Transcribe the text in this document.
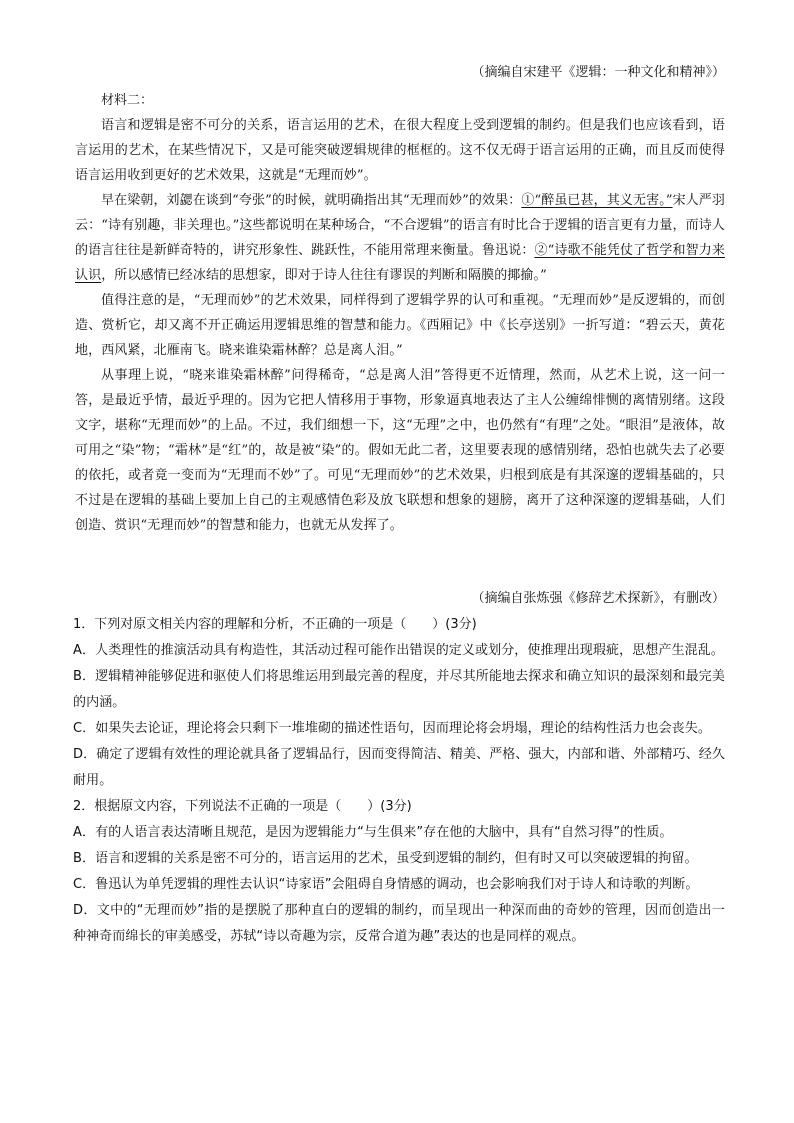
（摘编自宋建平《逻辑：一种文化和精神》）

材料二：

语言和逻辑是密不可分的关系，语言运用的艺术，在很大程度上受到逻辑的制约。但是我们也应该看到，语言运用的艺术，在某些情况下，又是可能突破逻辑规律的框框的。这不仅无碍于语言运用的正确，而且反而使得语言运用收到更好的艺术效果，这就是“无理而妙”。

早在梁朝，刘勰在谈到“夸张”的时候，就明确指出其“无理而妙”的效果：①“醉虽已甚，其义无害。”宋人严羽云：“诗有别趣，非关理也。”这些都说明在某种场合，“不合逻辑”的语言有时比合于逻辑的语言更有力量，而诗人的语言往往是新鲜奇特的，讲究形象性、跳跃性，不能用常理来衡量。鲁迅说：②“诗歌不能凭仗了哲学和智力来认识，所以感情已经冰结的思想家，即对于诗人往往有谬误的判断和隔膜的揶揄。”

值得注意的是，“无理而妙”的艺术效果，同样得到了逻辑学界的认可和重视。“无理而妙”是反逻辑的，而创造、赏析它，却又离不开正确运用逻辑思维的智慧和能力。《西厢记》中《长亭送别》一折写道：“碧云天，黄花地，西风紧，北雁南飞。晓来谁染霜林醉？总是离人泪。”

从事理上说，“晓来谁染霜林醉”问得稀奇，“总是离人泪”答得更不近情理，然而，从艺术上说，这一问一答，是最近乎情，最近乎理的。因为它把人情移用于事物，形象逼真地表达了主人公缠绵悱恻的离情别绪。这段文字，堪称“无理而妙”的上品。不过，我们细想一下，这“无理”之中，也仍然有“有理”之处。“眼泪”是液体，故可用之“染”物；“霜林”是“红”的，故是被“染”的。假如无此二者，这里要表现的感情别绪，恐怕也就失去了必要的依托，或者竟一变而为“无理而不妙”了。可见“无理而妙”的艺术效果，归根到底是有其深邃的逻辑基础的，只不过是在逻辑的基础上要加上自己的主观感情色彩及放飞联想和想象的翅膀，离开了这种深邃的逻辑基础，人们创造、赏识“无理而妙”的智慧和能力，也就无从发挥了。

（摘编自张炼强《修辞艺术探新》，有删改）

1．下列对原文相关内容的理解和分析，不正确的一项是（　　）(3分)

A．人类理性的推演活动具有构造性，其活动过程可能作出错误的定义或划分，使推理出现瑕疵，思想产生混乱。

B．逻辑精神能够促进和驱使人们将思维运用到最完善的程度，并尽其所能地去探求和确立知识的最深刻和最完美的内涵。

C．如果失去论证，理论将会只剩下一堆堆砌的描述性语句，因而理论将会坍塌，理论的结构性活力也会丧失。

D．确定了逻辑有效性的理论就具备了逻辑品行，因而变得简洁、精美、严格、强大，内部和谐、外部精巧、经久耐用。

2．根据原文内容，下列说法不正确的一项是（　　）(3分)

A．有的人语言表达清晰且规范，是因为逻辑能力“与生俱来”存在他的大脑中，具有“自然习得”的性质。

B．语言和逻辑的关系是密不可分的，语言运用的艺术，虽受到逻辑的制约，但有时又可以突破逻辑的拘留。

C．鲁迅认为单凭逻辑的理性去认识“诗家语”会阻碍自身情感的调动，也会影响我们对于诗人和诗歌的判断。

D．文中的“无理而妙”指的是摆脱了那种直白的逻辑的制约，而呈现出一种深而曲的奇妙的管理，因而创造出一种神奇而绵长的审美感受，苏轼“诗以奇趣为宗，反常合道为趣”表达的也是同样的观点。
